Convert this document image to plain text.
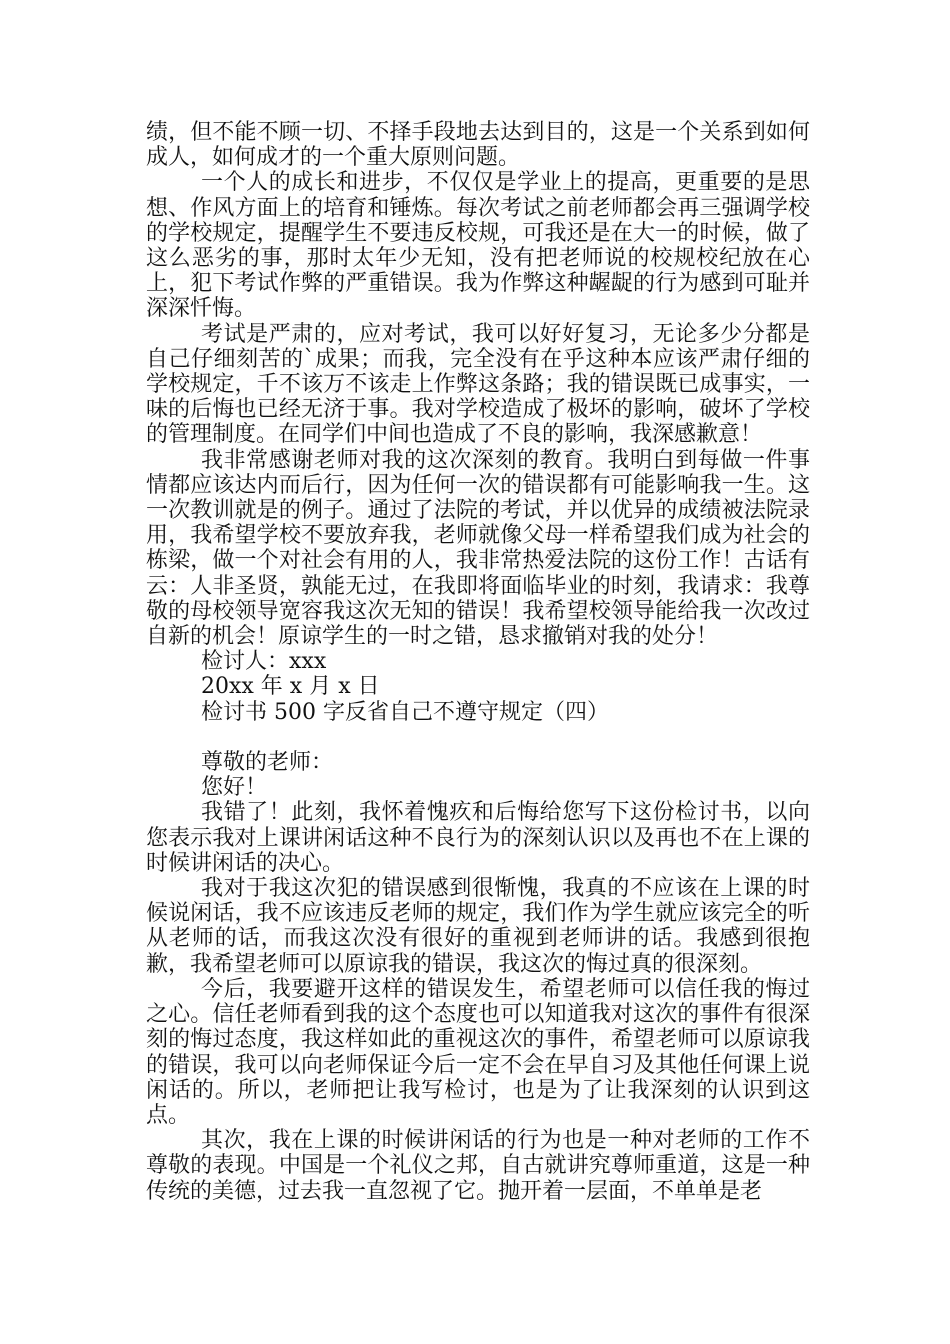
绩，但不能不顾一切、不择手段地去达到目的，这是一个关系到如何成人，如何成才的一个重大原则问题。

一个人的成长和进步，不仅仅是学业上的提高，更重要的是思想、作风方面上的培育和锤炼。每次考试之前老师都会再三强调学校的学校规定，提醒学生不要违反校规，可我还是在大一的时候，做了这么恶劣的事，那时太年少无知，没有把老师说的校规校纪放在心上，犯下考试作弊的严重错误。我为作弊这种龌龊的行为感到可耻并深深忏悔。

考试是严肃的，应对考试，我可以好好复习，无论多少分都是自己仔细刻苦的`成果；而我，完全没有在乎这种本应该严肃仔细的学校规定，千不该万不该走上作弊这条路；我的错误既已成事实，一味的后悔也已经无济于事。我对学校造成了极坏的影响，破坏了学校的管理制度。在同学们中间也造成了不良的影响，我深感歉意！

我非常感谢老师对我的这次深刻的教育。我明白到每做一件事情都应该达内而后行，因为任何一次的错误都有可能影响我一生。这一次教训就是的例子。通过了法院的考试，并以优异的成绩被法院录用，我希望学校不要放弃我，老师就像父母一样希望我们成为社会的栋梁，做一个对社会有用的人，我非常热爱法院的这份工作！古话有云：人非圣贤，孰能无过，在我即将面临毕业的时刻，我请求：我尊敬的母校领导宽容我这次无知的错误！我希望校领导能给我一次改过自新的机会！原谅学生的一时之错，恳求撤销对我的处分！

检讨人：xxx

20xx 年 x 月 x 日

检讨书 500 字反省自己不遵守规定（四）

尊敬的老师：

您好！

我错了！此刻，我怀着愧疚和后悔给您写下这份检讨书，以向您表示我对上课讲闲话这种不良行为的深刻认识以及再也不在上课的时候讲闲话的决心。

我对于我这次犯的错误感到很惭愧，我真的不应该在上课的时候说闲话，我不应该违反老师的规定，我们作为学生就应该完全的听从老师的话，而我这次没有很好的重视到老师讲的话。我感到很抱歉，我希望老师可以原谅我的错误，我这次的悔过真的很深刻。

今后，我要避开这样的错误发生，希望老师可以信任我的悔过之心。信任老师看到我的这个态度也可以知道我对这次的事件有很深刻的悔过态度，我这样如此的重视这次的事件，希望老师可以原谅我的错误，我可以向老师保证今后一定不会在早自习及其他任何课上说闲话的。所以，老师把让我写检讨，也是为了让我深刻的认识到这点。

其次，我在上课的时候讲闲话的行为也是一种对老师的工作不尊敬的表现。中国是一个礼仪之邦，自古就讲究尊师重道，这是一种传统的美德，过去我一直忽视了它。抛开着一层面，不单单是老
